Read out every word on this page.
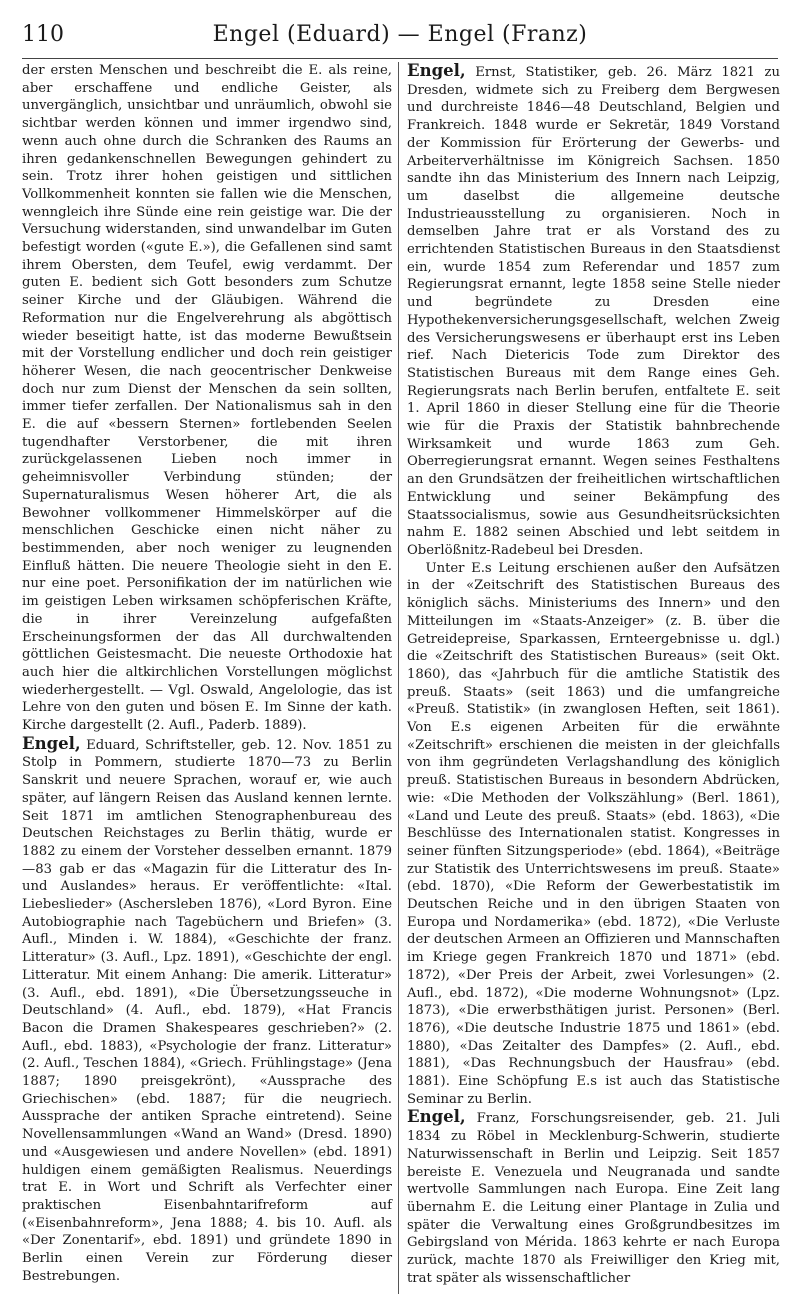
110	Engel (Eduard) — Engel (Franz)

der ersten Menschen und beschreibt die E. als reine, aber erschaffene und endliche Geister, als unvergänglich, unsichtbar und unräumlich, obwohl sie sichtbar werden können und immer irgendwo sind, wenn auch ohne durch die Schranken des Raums an ihren gedankenschnellen Bewegungen gehindert zu sein. Trotz ihrer hohen geistigen und sittlichen Vollkommenheit konnten sie fallen wie die Menschen, wenngleich ihre Sünde eine rein geistige war. Die der Versuchung widerstanden, sind unwandelbar im Guten befestigt worden («gute E.»), die Gefallenen sind samt ihrem Obersten, dem Teufel, ewig verdammt. Der guten E. bedient sich Gott besonders zum Schutze seiner Kirche und der Gläubigen. Während die Reformation nur die Engelverehrung als abgöttisch wieder beseitigt hatte, ist das moderne Bewußtsein mit der Vorstellung endlicher und doch rein geistiger höherer Wesen, die nach geocentrischer Denkweise doch nur zum Dienst der Menschen da sein sollten, immer tiefer zerfallen. Der Nationalismus sah in den E. die auf «bessern Sternen» fortlebenden Seelen tugendhafter Verstorbener, die mit ihren zurückgelassenen Lieben noch immer in geheimnisvoller Verbindung stünden; der Supernaturalismus Wesen höherer Art, die als Bewohner vollkommener Himmelskörper auf die menschlichen Geschicke einen nicht näher zu bestimmenden, aber noch weniger zu leugnenden Einfluß hätten. Die neuere Theologie sieht in den E. nur eine poet. Personifikation der im natürlichen wie im geistigen Leben wirksamen schöpferischen Kräfte, die in ihrer Vereinzelung aufgefaßten Erscheinungsformen der das All durchwaltenden göttlichen Geistesmacht. Die neueste Orthodoxie hat auch hier die altkirchlichen Vorstellungen möglichst wiederhergestellt. — Vgl. Oswald, Angelologie, das ist Lehre von den guten und bösen E. Im Sinne der kath. Kirche dargestellt (2. Aufl., Paderb. 1889).

Engel, Eduard, Schriftsteller, geb. 12. Nov. 1851 zu Stolp in Pommern, studierte 1870—73 zu Berlin Sanskrit und neuere Sprachen, worauf er, wie auch später, auf längern Reisen das Ausland kennen lernte. Seit 1871 im amtlichen Stenographenbureau des Deutschen Reichstages zu Berlin thätig, wurde er 1882 zu einem der Vorsteher desselben ernannt. 1879—83 gab er das «Magazin für die Litteratur des In- und Auslandes» heraus. Er veröffentlichte: «Ital. Liebeslieder» (Aschersleben 1876), «Lord Byron. Eine Autobiographie nach Tagebüchern und Briefen» (3. Aufl., Minden i. W. 1884), «Geschichte der franz. Litteratur» (3. Aufl., Lpz. 1891), «Geschichte der engl. Litteratur. Mit einem Anhang: Die amerik. Litteratur» (3. Aufl., ebd. 1891), «Die Übersetzungsseuche in Deutschland» (4. Aufl., ebd. 1879), «Hat Francis Bacon die Dramen Shakespeares geschrieben?» (2. Aufl., ebd. 1883), «Psychologie der franz. Litteratur» (2. Aufl., Teschen 1884), «Griech. Frühlingstage» (Jena 1887; 1890 preisgekrönt), «Aussprache des Griechischen» (ebd. 1887; für die neugriech. Aussprache der antiken Sprache eintretend). Seine Novellensammlungen «Wand an Wand» (Dresd. 1890) und «Ausgewiesen und andere Novellen» (ebd. 1891) huldigen einem gemäßigten Realismus. Neuerdings trat E. in Wort und Schrift als Verfechter einer praktischen Eisenbahntarifreform auf («Eisenbahnreform», Jena 1888; 4. bis 10. Aufl. als «Der Zonentarif», ebd. 1891) und gründete 1890 in Berlin einen Verein zur Förderung dieser Bestrebungen.

Engel, Ernst, Statistiker, geb. 26. März 1821 zu Dresden, widmete sich zu Freiberg dem Bergwesen und durchreiste 1846—48 Deutschland, Belgien und Frankreich. 1848 wurde er Sekretär, 1849 Vorstand der Kommission für Erörterung der Gewerbs- und Arbeiterverhältnisse im Königreich Sachsen. 1850 sandte ihn das Ministerium des Innern nach Leipzig, um daselbst die allgemeine deutsche Industrieausstellung zu organisieren. Noch in demselben Jahre trat er als Vorstand des zu errichtenden Statistischen Bureaus in den Staatsdienst ein, wurde 1854 zum Referendar und 1857 zum Regierungsrat ernannt, legte 1858 seine Stelle nieder und begründete zu Dresden eine Hypothekenversicherungsgesellschaft, welchen Zweig des Versicherungswesens er überhaupt erst ins Leben rief. Nach Dietericis Tode zum Direktor des Statistischen Bureaus mit dem Range eines Geh. Regierungsrats nach Berlin berufen, entfaltete E. seit 1. April 1860 in dieser Stellung eine für die Theorie wie für die Praxis der Statistik bahnbrechende Wirksamkeit und wurde 1863 zum Geh. Oberregierungsrat ernannt. Wegen seines Festhaltens an den Grundsätzen der freiheitlichen wirtschaftlichen Entwicklung und seiner Bekämpfung des Staatssocialismus, sowie aus Gesundheitsrücksichten nahm E. 1882 seinen Abschied und lebt seitdem in Oberlößnitz-Radebeul bei Dresden.

Unter E.s Leitung erschienen außer den Aufsätzen in der «Zeitschrift des Statistischen Bureaus des königlich sächs. Ministeriums des Innern» und den Mitteilungen im «Staats-Anzeiger» (z. B. über die Getreidepreise, Sparkassen, Ernteergebnisse u. dgl.) die «Zeitschrift des Statistischen Bureaus» (seit Okt. 1860), das «Jahrbuch für die amtliche Statistik des preuß. Staats» (seit 1863) und die umfangreiche «Preuß. Statistik» (in zwanglosen Heften, seit 1861). Von E.s eigenen Arbeiten für die erwähnte «Zeitschrift» erschienen die meisten in der gleichfalls von ihm gegründeten Verlagshandlung des königlich preuß. Statistischen Bureaus in besondern Abdrücken, wie: «Die Methoden der Volkszählung» (Berl. 1861), «Land und Leute des preuß. Staats» (ebd. 1863), «Die Beschlüsse des Internationalen statist. Kongresses in seiner fünften Sitzungsperiode» (ebd. 1864), «Beiträge zur Statistik des Unterrichtswesens im preuß. Staate» (ebd. 1870), «Die Reform der Gewerbestatistik im Deutschen Reiche und in den übrigen Staaten von Europa und Nordamerika» (ebd. 1872), «Die Verluste der deutschen Armeen an Offizieren und Mannschaften im Kriege gegen Frankreich 1870 und 1871» (ebd. 1872), «Der Preis der Arbeit, zwei Vorlesungen» (2. Aufl., ebd. 1872), «Die moderne Wohnungsnot» (Lpz. 1873), «Die erwerbsthätigen jurist. Personen» (Berl. 1876), «Die deutsche Industrie 1875 und 1861» (ebd. 1880), «Das Zeitalter des Dampfes» (2. Aufl., ebd. 1881), «Das Rechnungsbuch der Hausfrau» (ebd. 1881). Eine Schöpfung E.s ist auch das Statistische Seminar zu Berlin.

Engel, Franz, Forschungsreisender, geb. 21. Juli 1834 zu Röbel in Mecklenburg-Schwerin, studierte Naturwissenschaft in Berlin und Leipzig. Seit 1857 bereiste E. Venezuela und Neugranada und sandte wertvolle Sammlungen nach Europa. Eine Zeit lang übernahm E. die Leitung einer Plantage in Zulia und später die Verwaltung eines Großgrundbesitzes im Gebirgsland von Mérida. 1863 kehrte er nach Europa zurück, machte 1870 als Freiwilliger den Krieg mit, trat später als wissenschaftlicher
